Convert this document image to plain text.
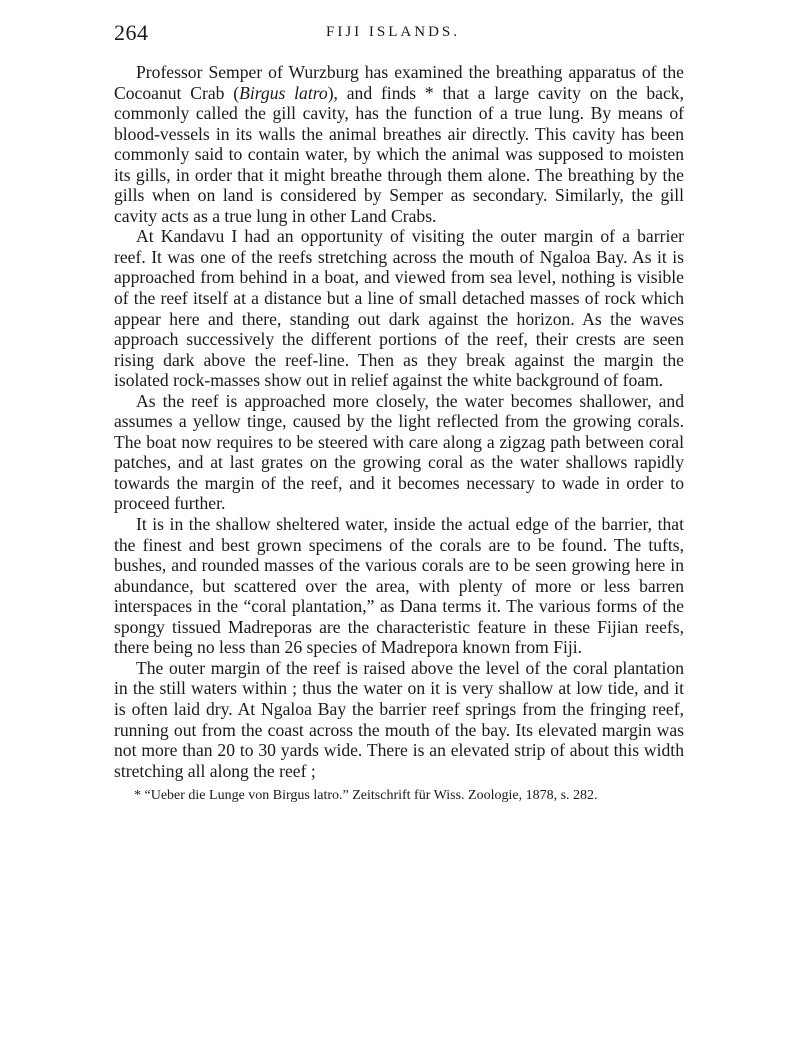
264	FIJI ISLANDS.

Professor Semper of Wurzburg has examined the breathing apparatus of the Cocoanut Crab (Birgus latro), and finds * that a large cavity on the back, commonly called the gill cavity, has the function of a true lung. By means of blood-vessels in its walls the animal breathes air directly. This cavity has been commonly said to contain water, by which the animal was supposed to moisten its gills, in order that it might breathe through them alone. The breathing by the gills when on land is considered by Semper as secondary. Similarly, the gill cavity acts as a true lung in other Land Crabs.

At Kandavu I had an opportunity of visiting the outer margin of a barrier reef. It was one of the reefs stretching across the mouth of Ngaloa Bay. As it is approached from behind in a boat, and viewed from sea level, nothing is visible of the reef itself at a distance but a line of small detached masses of rock which appear here and there, standing out dark against the horizon. As the waves approach successively the different portions of the reef, their crests are seen rising dark above the reef-line. Then as they break against the margin the isolated rock-masses show out in relief against the white background of foam.

As the reef is approached more closely, the water becomes shallower, and assumes a yellow tinge, caused by the light reflected from the growing corals. The boat now requires to be steered with care along a zigzag path between coral patches, and at last grates on the growing coral as the water shallows rapidly towards the margin of the reef, and it becomes necessary to wade in order to proceed further.

It is in the shallow sheltered water, inside the actual edge of the barrier, that the finest and best grown specimens of the corals are to be found. The tufts, bushes, and rounded masses of the various corals are to be seen growing here in abundance, but scattered over the area, with plenty of more or less barren interspaces in the “coral plantation,” as Dana terms it. The various forms of the spongy tissued Madreporas are the characteristic feature in these Fijian reefs, there being no less than 26 species of Madrepora known from Fiji.

The outer margin of the reef is raised above the level of the coral plantation in the still waters within ; thus the water on it is very shallow at low tide, and it is often laid dry. At Ngaloa Bay the barrier reef springs from the fringing reef, running out from the coast across the mouth of the bay. Its elevated margin was not more than 20 to 30 yards wide. There is an elevated strip of about this width stretching all along the reef ;

* “Ueber die Lunge von Birgus latro.” Zeitschrift für Wiss. Zoologie, 1878, s. 282.
